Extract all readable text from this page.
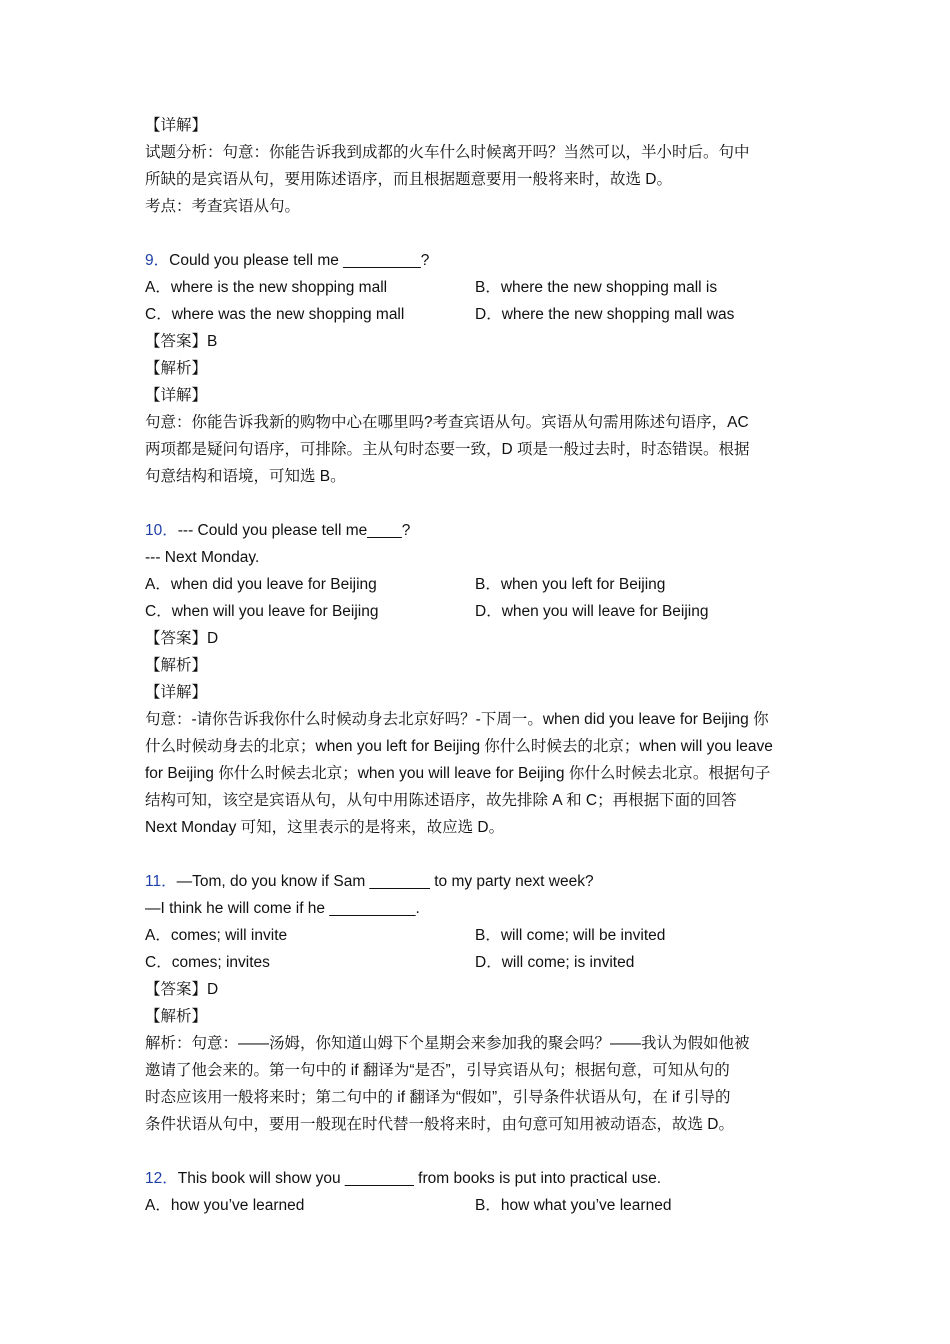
【详解】
试题分析：句意：你能告诉我到成都的火车什么时候离开吗？当然可以，半小时后。句中
所缺的是宾语从句，要用陈述语序，而且根据题意要用一般将来时，故选 D。
考点：考查宾语从句。
9．Could you please tell me _________?
A．where is the new shopping mall	B．where the new shopping mall is
C．where was the new shopping mall	D．where the new shopping mall was
【答案】B
【解析】
【详解】
句意：你能告诉我新的购物中心在哪里吗?考查宾语从句。宾语从句需用陈述句语序，AC
两项都是疑问句语序，可排除。主从句时态要一致，D 项是一般过去时，时态错误。根据
句意结构和语境，可知选 B。
10．--- Could you please tell me____?
--- Next Monday.
A．when did you leave for Beijing	B．when you left for Beijing
C．when will you leave for Beijing	D．when you will leave for Beijing
【答案】D
【解析】
【详解】
句意：-请你告诉我你什么时候动身去北京好吗？-下周一。when did you leave for Beijing 你
什么时候动身去的北京；when you left for Beijing 你什么时候去的北京；when will you leave
for Beijing 你什么时候去北京；when you will leave for Beijing 你什么时候去北京。根据句子
结构可知，该空是宾语从句，从句中用陈述语序，故先排除 A 和 C；再根据下面的回答
Next Monday 可知，这里表示的是将来，故应选 D。
11．—Tom, do you know if Sam _______ to my party next week?
—I think he will come if he __________.
A．comes; will invite	B．will come; will be invited
C．comes; invites	D．will come; is invited
【答案】D
【解析】
解析：句意：——汤姆，你知道山姆下个星期会来参加我的聚会吗？——我认为假如他被
邀请了他会来的。第一句中的 if 翻译为“是否”，引导宾语从句；根据句意，可知从句的
时态应该用一般将来时；第二句中的 if 翻译为“假如”，引导条件状语从句，在 if 引导的
条件状语从句中，要用一般现在时代替一般将来时，由句意可知用被动语态，故选 D。
12．This book will show you ________ from books is put into practical use.
A．how you’ve learned	B．how what you’ve learned
